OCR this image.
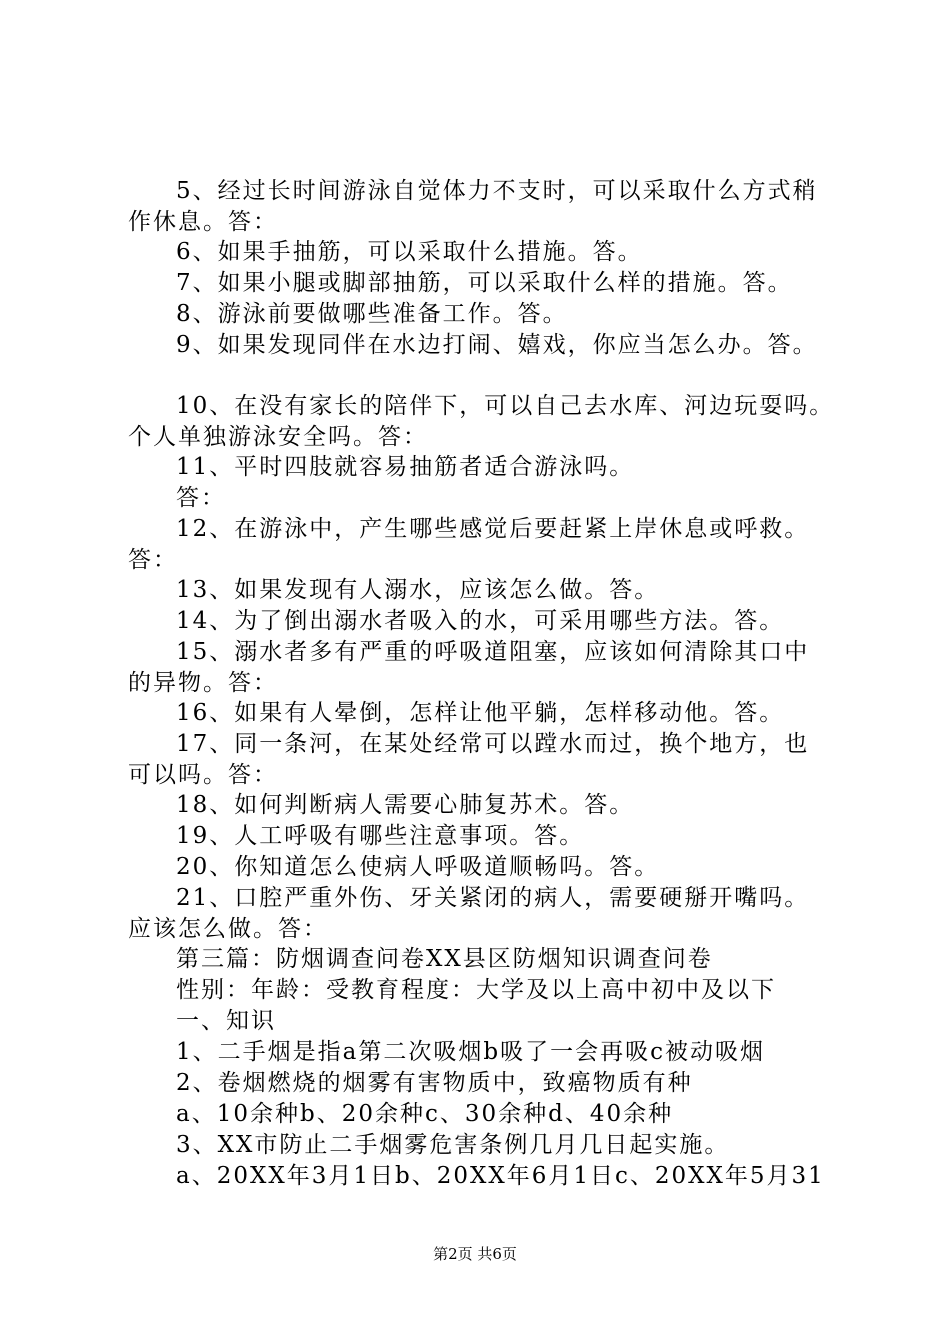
5、经过长时间游泳自觉体力不支时，可以采取什么方式稍
作休息。答：
6、如果手抽筋，可以采取什么措施。答。
7、如果小腿或脚部抽筋，可以采取什么样的措施。答。
8、游泳前要做哪些准备工作。答。
9、如果发现同伴在水边打闹、嬉戏，你应当怎么办。答。
10、在没有家长的陪伴下，可以自己去水库、河边玩耍吗。
个人单独游泳安全吗。答：
11、平时四肢就容易抽筋者适合游泳吗。
答：
12、在游泳中，产生哪些感觉后要赶紧上岸休息或呼救。
答：
13、如果发现有人溺水，应该怎么做。答。
14、为了倒出溺水者吸入的水，可采用哪些方法。答。
15、溺水者多有严重的呼吸道阻塞，应该如何清除其口中
的异物。答：
16、如果有人晕倒，怎样让他平躺，怎样移动他。答。
17、同一条河，在某处经常可以蹚水而过，换个地方，也
可以吗。答：
18、如何判断病人需要心肺复苏术。答。
19、人工呼吸有哪些注意事项。答。
20、你知道怎么使病人呼吸道顺畅吗。答。
21、口腔严重外伤、牙关紧闭的病人，需要硬掰开嘴吗。
应该怎么做。答：
第三篇：防烟调查问卷XX县区防烟知识调查问卷
性别：年龄：受教育程度：大学及以上高中初中及以下
一、知识
1、二手烟是指a第二次吸烟b吸了一会再吸c被动吸烟
2、卷烟燃烧的烟雾有害物质中，致癌物质有种
a、10余种b、20余种c、30余种d、40余种
3、XX市防止二手烟雾危害条例几月几日起实施。
a、20XX年3月1日b、20XX年6月1日c、20XX年5月31
第2页 共6页
